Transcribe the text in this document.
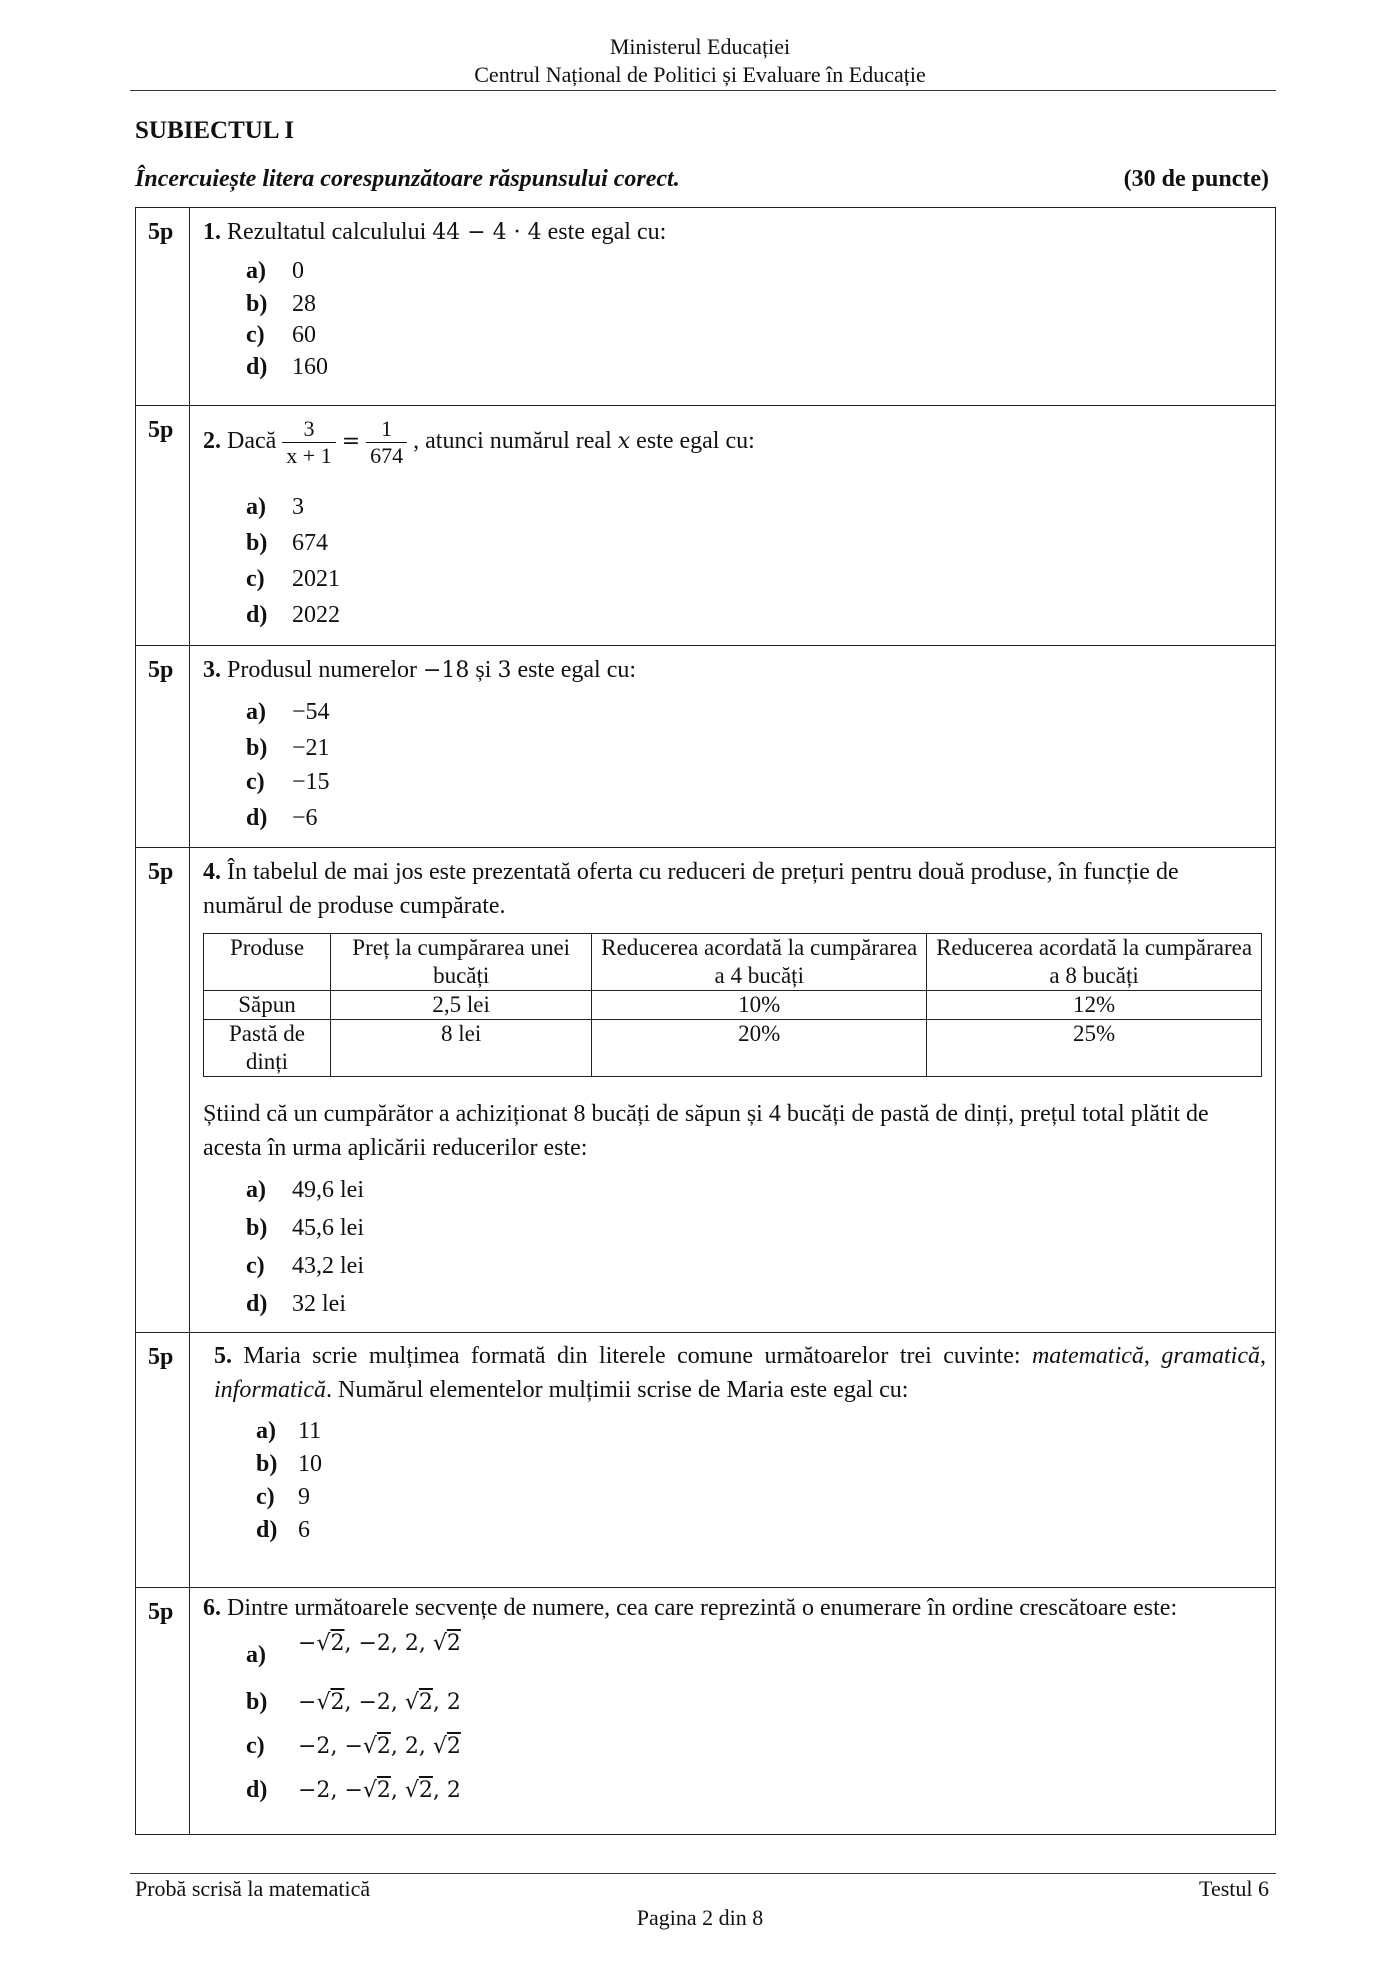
Ministerul Educației
Centrul Național de Politici și Evaluare în Educație
SUBIECTUL I
Încercuiește litera corespunzătoare răspunsului corect.	(30 de puncte)
5p 1. Rezultatul calculului 44 − 4 · 4 este egal cu:
a) 0
b) 28
c) 60
d) 160
5p 2. Dacă $\frac{3}{x + 1} = \frac{1}{674}$ , atunci numărul real x este egal cu:
a) 3
b) 674
c) 2021
d) 2022
5p 3. Produsul numerelor −18 și 3 este egal cu:
a) −54
b) −21
c) −15
d) −6
5p 4. În tabelul de mai jos este prezentată oferta cu reduceri de prețuri pentru două produse, în funcție de numărul de produse cumpărate.
Produse	Preț la cumpărarea unei bucăți	Reducerea acordată la cumpărarea a 4 bucăți	Reducerea acordată la cumpărarea a 8 bucăți
Săpun	2,5 lei	10%	12%
Pastă de dinți	8 lei	20%	25%
Știind că un cumpărător a achiziționat 8 bucăți de săpun și 4 bucăți de pastă de dinți, prețul total plătit de acesta în urma aplicării reducerilor este:
a) 49,6 lei
b) 45,6 lei
c) 43,2 lei
d) 32 lei
5p 5. Maria scrie mulțimea formată din literele comune următoarelor trei cuvinte: matematică, gramatică, informatică. Numărul elementelor mulțimii scrise de Maria este egal cu:
a) 11
b) 10
c) 9
d) 6
5p 6. Dintre următoarele secvențe de numere, cea care reprezintă o enumerare în ordine crescătoare este:
a) −√2, −2, 2, √2
b) −√2, −2, √2, 2
c) −2, −√2, 2, √2
d) −2, −√2, √2, 2
Probă scrisă la matematică	Testul 6
Pagina 2 din 8
